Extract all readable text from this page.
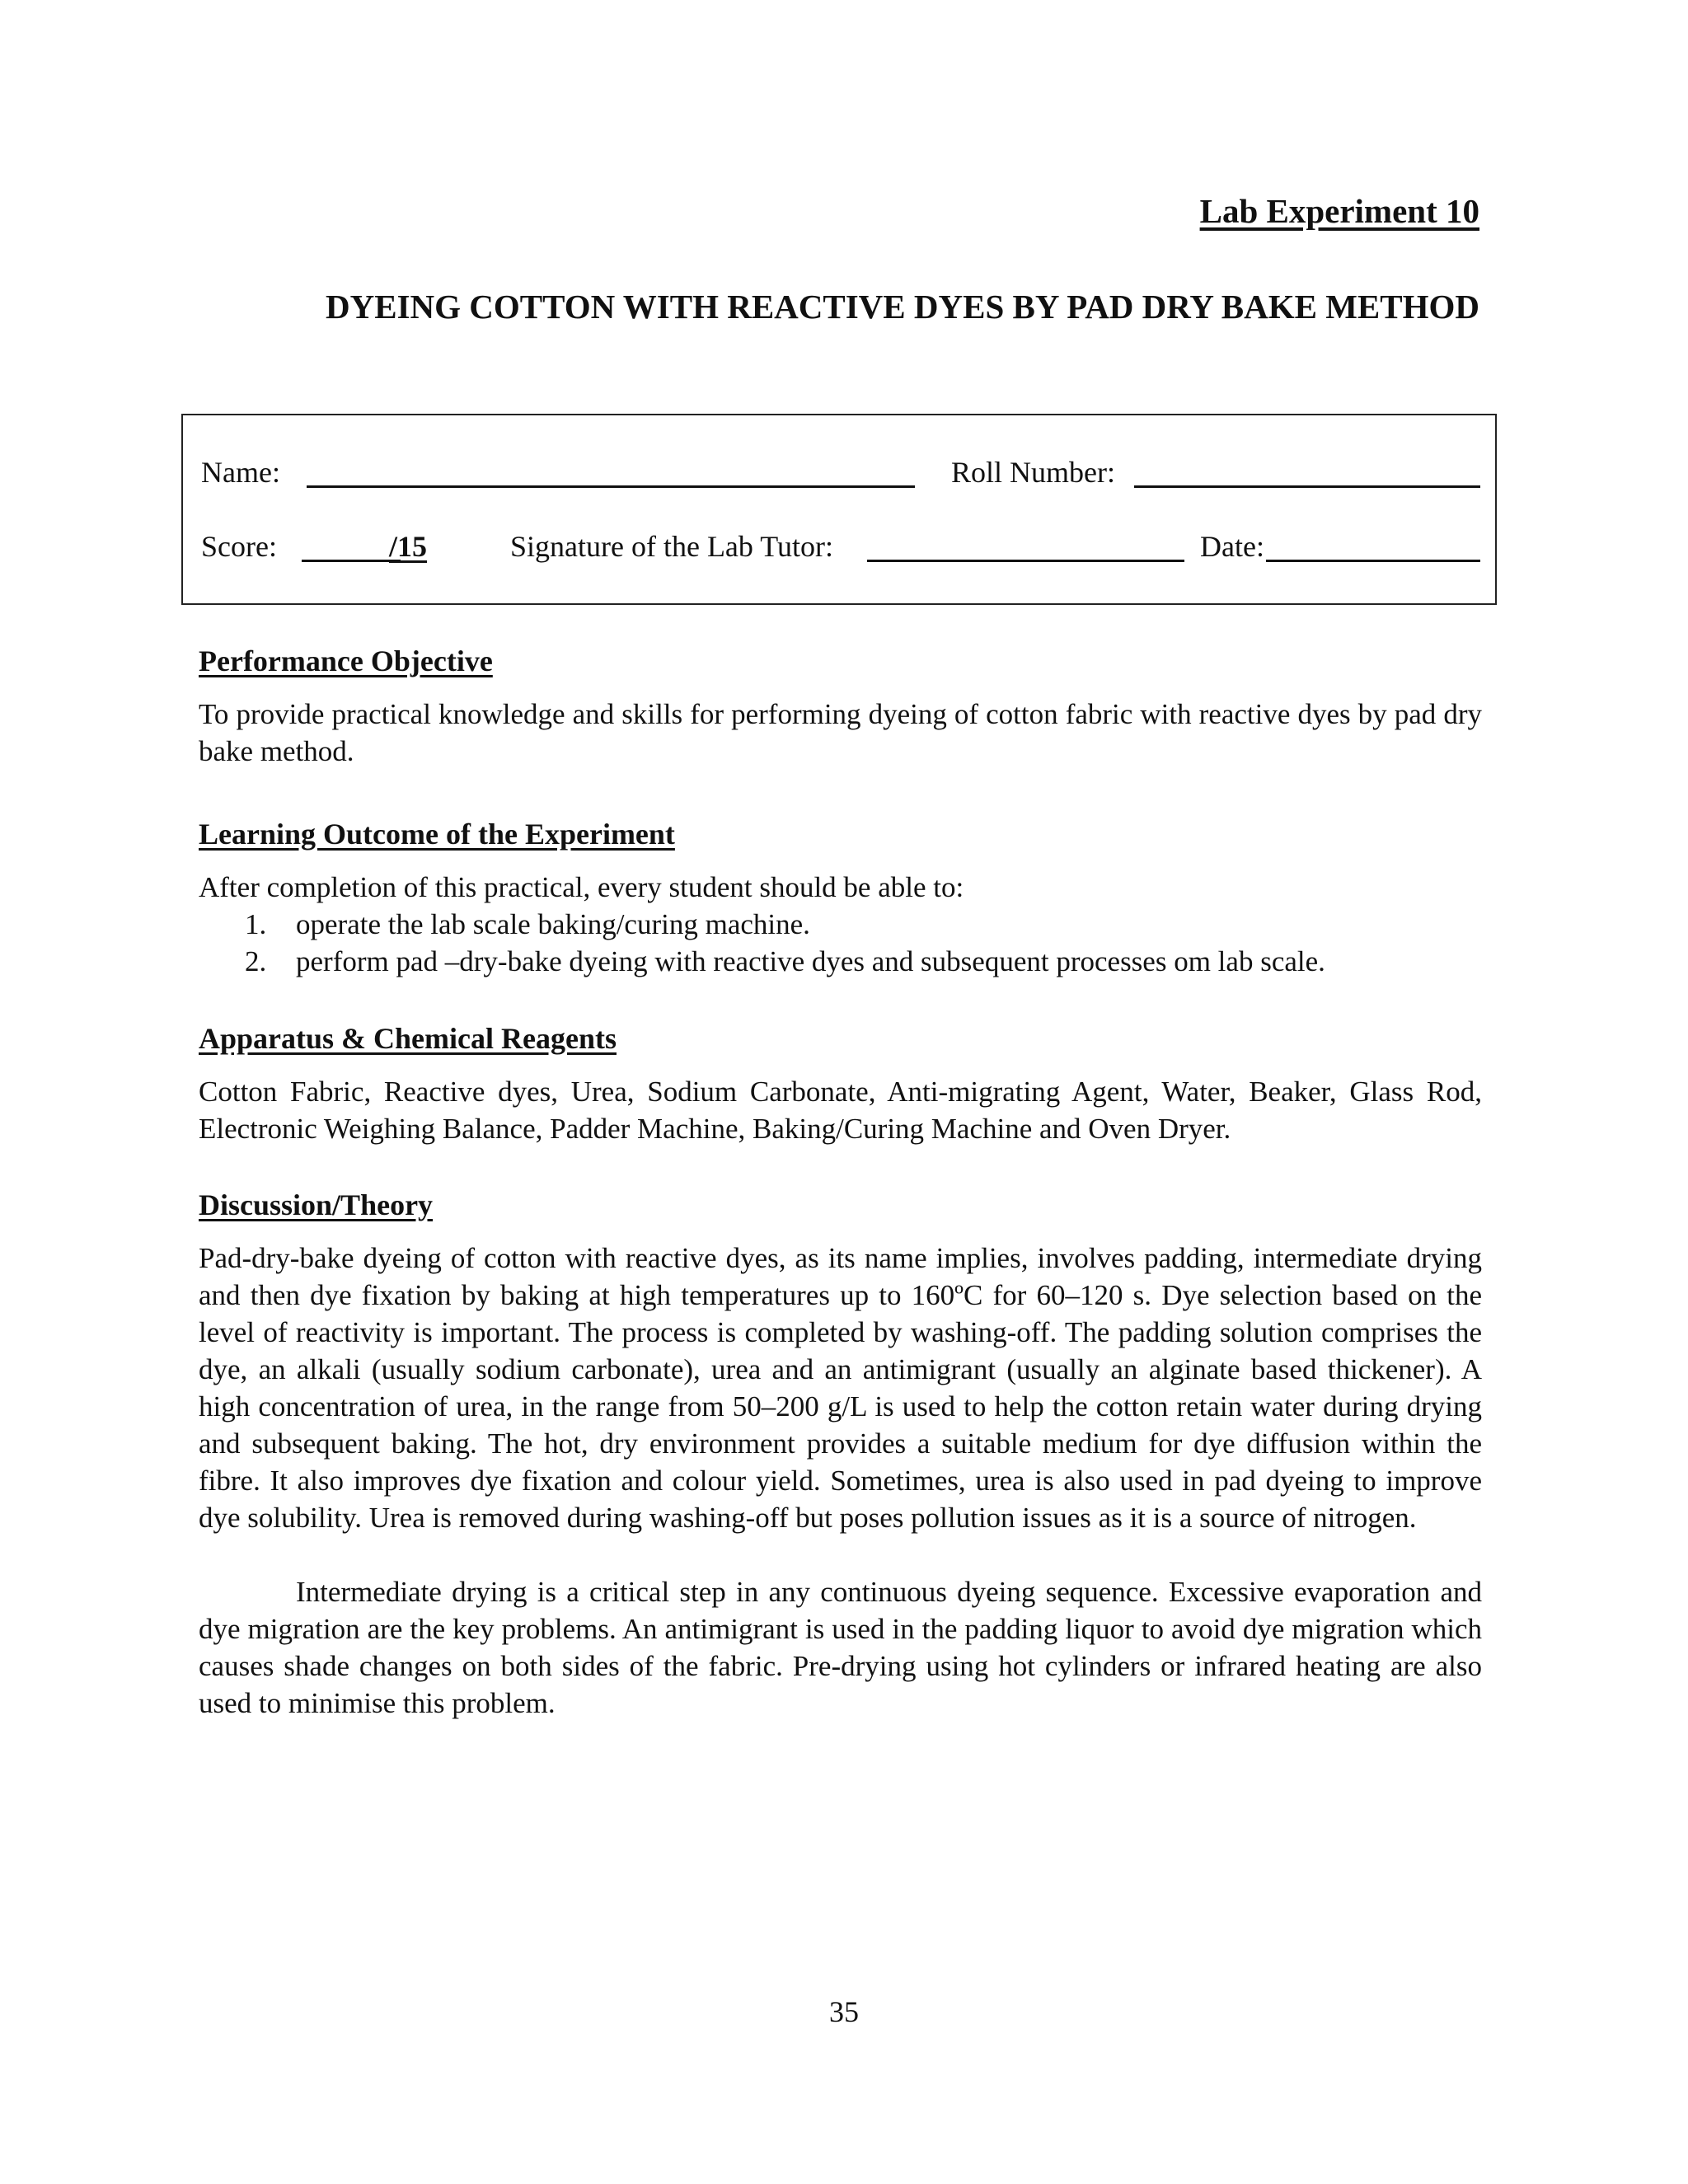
Lab Experiment 10
DYEING COTTON WITH REACTIVE DYES BY PAD DRY BAKE METHOD
Name:	Roll Number:
Score:	/15	Signature of the Lab Tutor:	Date:
Performance Objective

To provide practical knowledge and skills for performing dyeing of cotton fabric with reactive dyes by pad dry bake method.

Learning Outcome of the Experiment

After completion of this practical, every student should be able to:

1. operate the lab scale baking/curing machine.
2. perform pad –dry-bake dyeing with reactive dyes and subsequent processes om lab scale.
Apparatus & Chemical Reagents

Cotton Fabric, Reactive dyes, Urea, Sodium Carbonate, Anti-migrating Agent, Water, Beaker, Glass Rod, Electronic Weighing Balance, Padder Machine, Baking/Curing Machine and Oven Dryer.

Discussion/Theory

Pad-dry-bake dyeing of cotton with reactive dyes, as its name implies, involves padding, intermediate drying and then dye fixation by baking at high temperatures up to 160ºC for 60–120 s. Dye selection based on the level of reactivity is important. The process is completed by washing-off. The padding solution comprises the dye, an alkali (usually sodium carbonate), urea and an antimigrant (usually an alginate based thickener). A high concentration of urea, in the range from 50–200 g/L is used to help the cotton retain water during drying and subsequent baking. The hot, dry environment provides a suitable medium for dye diffusion within the fibre. It also improves dye fixation and colour yield. Sometimes, urea is also used in pad dyeing to improve dye solubility. Urea is removed during washing-off but poses pollution issues as it is a source of nitrogen.

Intermediate drying is a critical step in any continuous dyeing sequence. Excessive evaporation and dye migration are the key problems. An antimigrant is used in the padding liquor to avoid dye migration which causes shade changes on both sides of the fabric. Pre-drying using hot cylinders or infrared heating are also used to minimise this problem.

35
